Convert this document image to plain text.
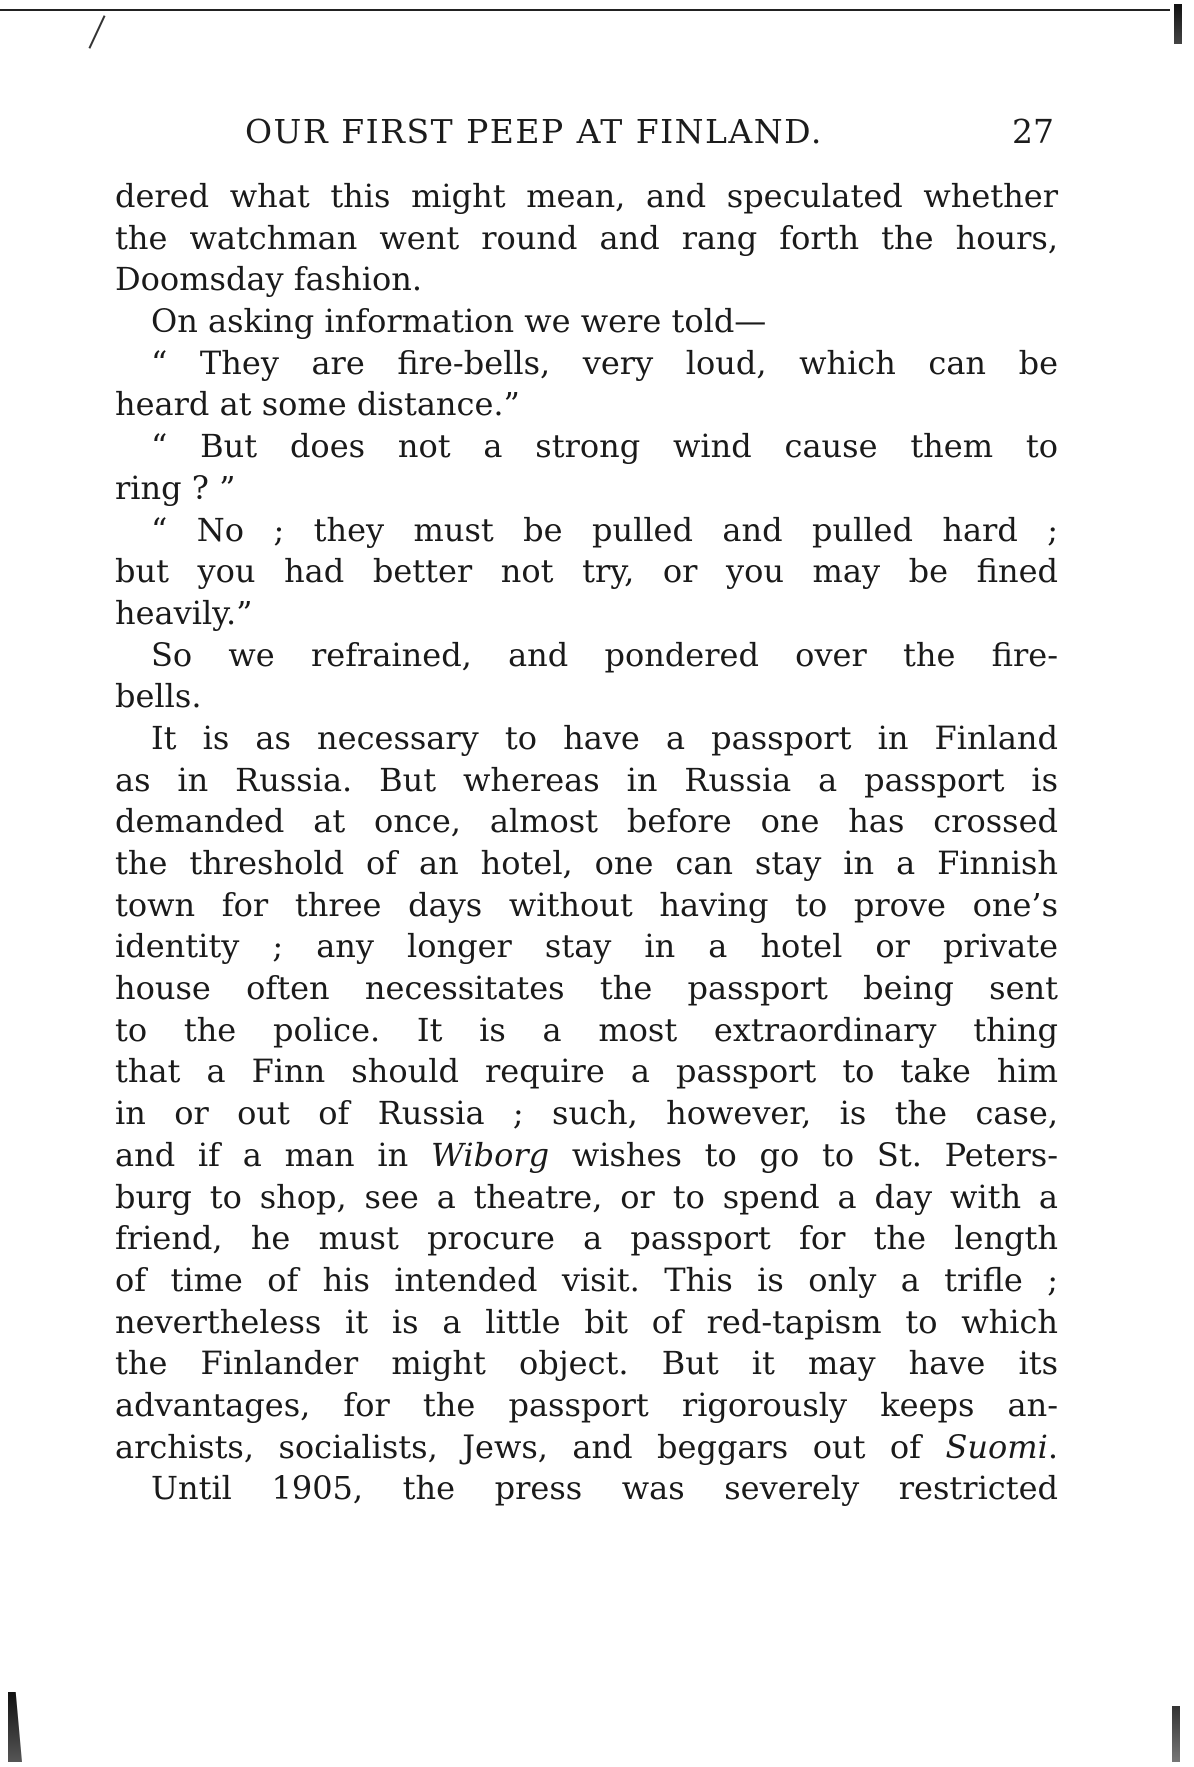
OUR FIRST PEEP AT FINLAND.	27
dered what this might mean, and speculated whether
the watchman went round and rang forth the hours,
Doomsday fashion.
On asking information we were told—
“ They are fire-bells, very loud, which can be
heard at some distance.”
“ But does not a strong wind cause them to
ring ? ”
“ No ; they must be pulled and pulled hard ;
but you had better not try, or you may be fined
heavily.”
So we refrained, and pondered over the fire-
bells.
It is as necessary to have a passport in Finland
as in Russia. But whereas in Russia a passport is
demanded at once, almost before one has crossed
the threshold of an hotel, one can stay in a Finnish
town for three days without having to prove one’s
identity ; any longer stay in a hotel or private
house often necessitates the passport being sent
to the police. It is a most extraordinary thing
that a Finn should require a passport to take him
in or out of Russia ; such, however, is the case,
and if a man in Wiborg wishes to go to St. Peters-
burg to shop, see a theatre, or to spend a day with a
friend, he must procure a passport for the length
of time of his intended visit. This is only a trifle ;
nevertheless it is a little bit of red-tapism to which
the Finlander might object. But it may have its
advantages, for the passport rigorously keeps an-
archists, socialists, Jews, and beggars out of Suomi.
Until 1905, the press was severely restricted
